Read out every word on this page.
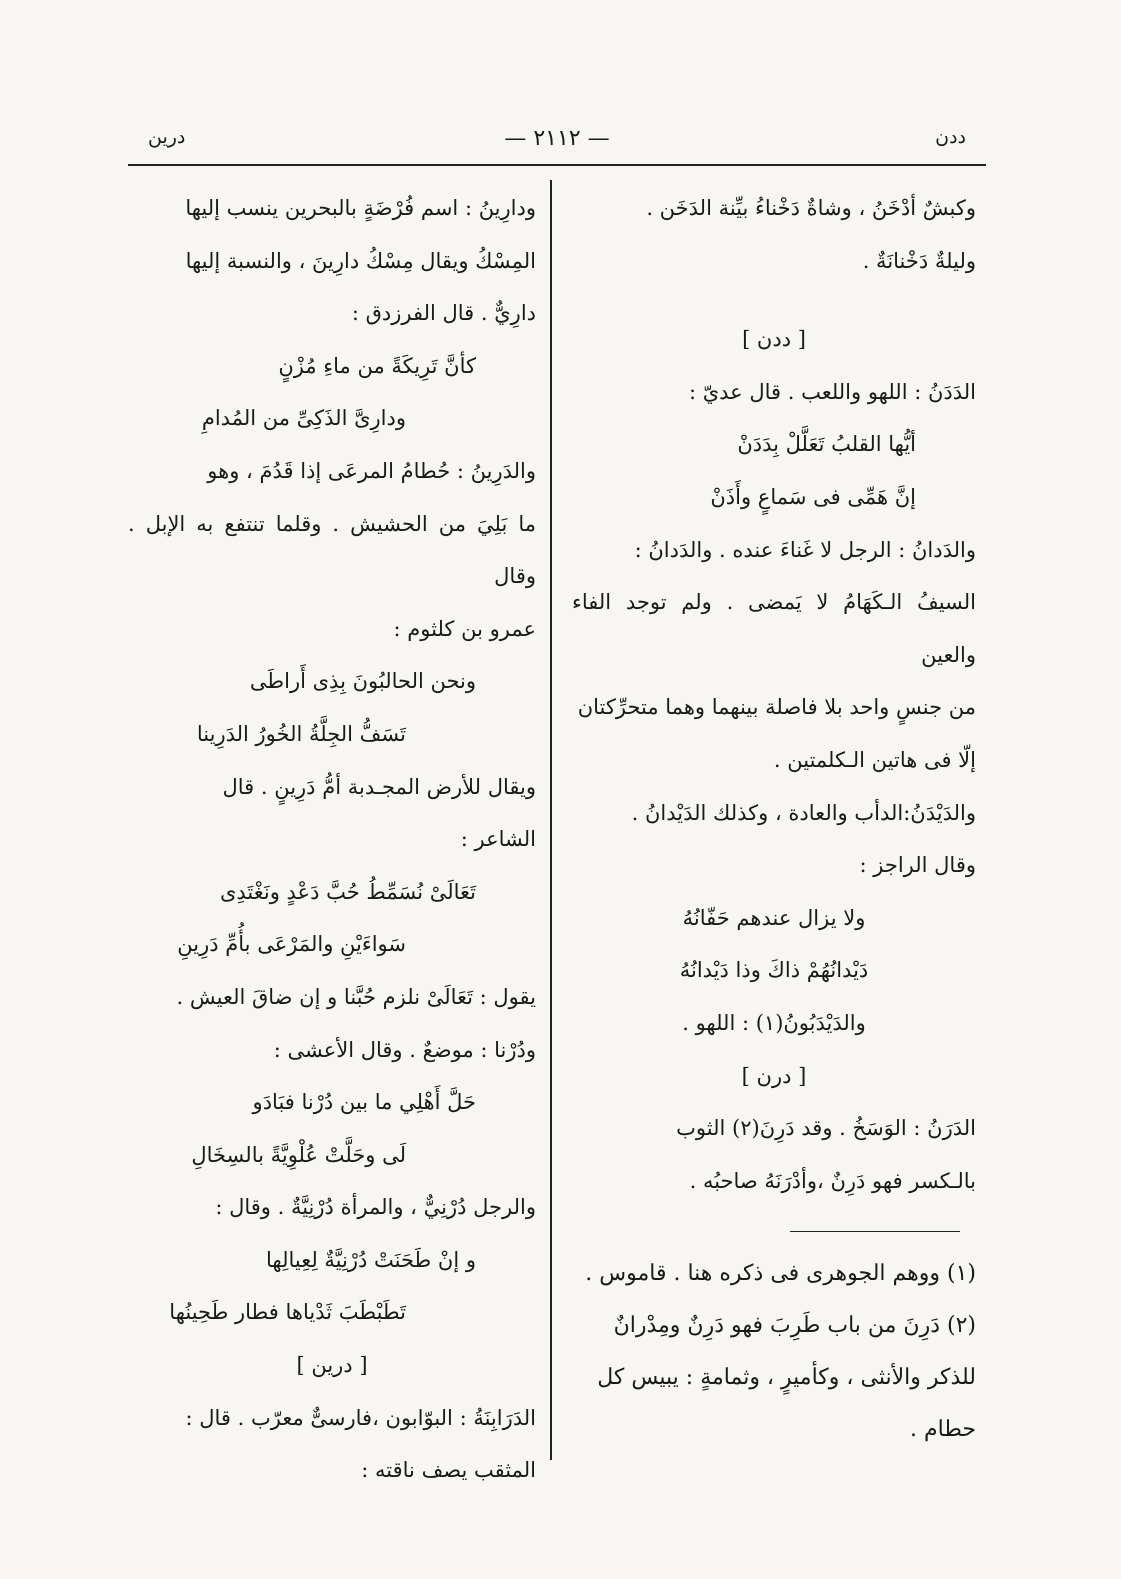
ددن
— ٢١١٢ —
درين

وكبشٌ أدْخَنُ ، وشاةٌ دَخْناءُ بيِّنة الدَخَن .

وليلةٌ دَخْنانَةٌ .

[ ددن ]

الدَدَنُ : اللهو واللعب . قال عديّ :

أيُّها القلبُ تَعَلَّلْ بِدَدَنْ

إنَّ هَمِّى فى سَماعٍ وأَذَنْ

والدَدانُ : الرجل لا غَناءَ عنده . والدَدانُ :

السيفُ الـكَهَامُ لا يَمضى . ولم توجد الفاء والعين

من جنسٍ واحد بلا فاصلة بينهما وهما متحرِّكتان

إلّا فى هاتين الـكلمتين .

والدَيْدَنُ:الدأب والعادة ، وكذلك الدَيْدانُ .

وقال الراجز :

ولا يزال عندهم حَفّانُهُ

دَيْدانُهُمْ ذاكَ وذا دَيْدانُهُ

والدَيْدَبُونُ(١) : اللهو .

[ درن ]

الدَرَنُ : الوَسَخُ . وقد دَرِنَ(٢) الثوب

بالـكسر فهو دَرِنٌ ،وأدْرَنَهُ صاحبُه .

(١) ووهم الجوهرى فى ذكره هنا . قاموس .

(٢) دَرِنَ من باب طَرِبَ فهو دَرِنٌ ومِدْرانٌ

للذكر والأنثى ، وكأميرٍ ، وثمامةٍ : يبيس كل

حطام .

ودارِينُ : اسم فُرْضَةٍ بالبحرين ينسب إليها

المِسْكُ ويقال مِسْكُ دارِينَ ، والنسبة إليها

دارِيٌّ . قال الفرزدق :

كأنَّ تَرِيكَةً من ماءِ مُزْنٍ

ودارِىَّ الذَكِىِّ من المُدامِ

والدَرِينُ : حُطامُ المرعَى إذا قَدُمَ ، وهو

ما بَلِيَ من الحشيش . وقلما تنتفع به الإبل . وقال

عمرو بن كلثوم :

ونحن الحالبُونَ بِذِى أَراطَى

تَسَفُّ الجِلَّةُ الخُورُ الدَرِينا

ويقال للأرض المجـدبة أمُّ دَرِينٍ . قال

الشاعر :

تَعَالَىْ نُسَمِّطُ حُبَّ دَعْدٍ ونَغْتَدِى

سَواءَيْنِ والمَرْعَى بأُمِّ دَرِينِ

يقول : تَعَالَىْ نلزم حُبَّنا و إن ضاقَ العيش .

ودُرْنا : موضعٌ . وقال الأعشى :

حَلَّ أَهْلِي ما بين دُرْنا فبَادَو

لَى وحَلَّتْ عُلْوِيَّةً بالسِخَالِ

والرجل دُرْنِيٌّ ، والمرأة دُرْنِيَّةٌ . وقال :

و إنْ طَحَنَتْ دُرْنِيَّةٌ لِعِيالِها

تَطَبْطَبَ ثَدْياها فطار طَحِينُها

[ درين ]

الدَرَابِنَةُ : البوّابون ،فارسىٌّ معرّب . قال :

المثقب يصف ناقته :
